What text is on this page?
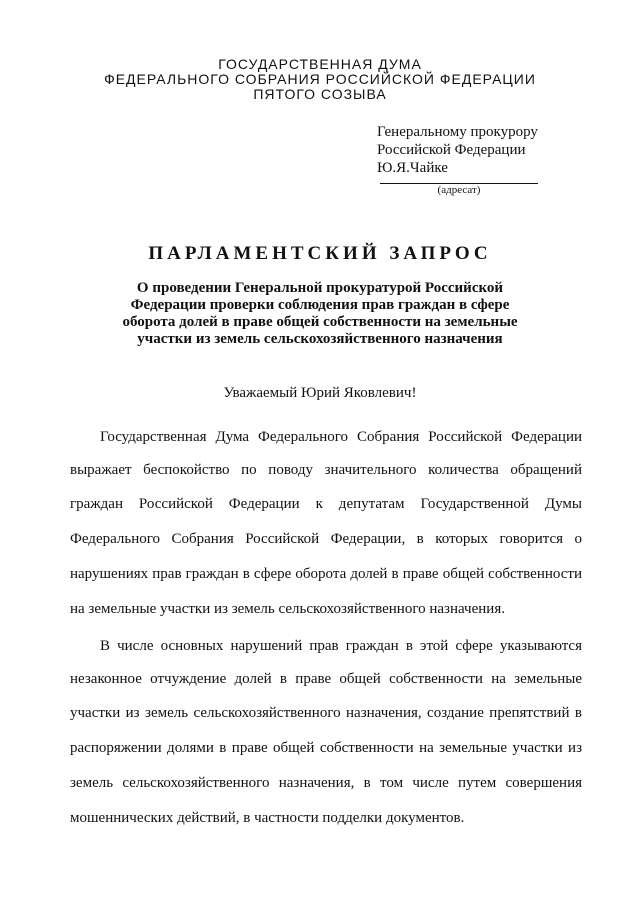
ГОСУДАРСТВЕННАЯ ДУМА
ФЕДЕРАЛЬНОГО СОБРАНИЯ РОССИЙСКОЙ ФЕДЕРАЦИИ
ПЯТОГО СОЗЫВА
Генеральному прокурору
Российской Федерации
Ю.Я.Чайке
(адресат)
ПАРЛАМЕНТСКИЙ ЗАПРОС
О проведении Генеральной прокуратурой Российской
Федерации проверки соблюдения прав граждан в сфере
оборота долей в праве общей собственности на земельные
участки из земель сельскохозяйственного назначения
Уважаемый Юрий Яковлевич!
Государственная Дума Федерального Собрания Российской Федерации
выражает беспокойство по поводу значительного количества обращений
граждан Российской Федерации к депутатам Государственной Думы
Федерального Собрания Российской Федерации, в которых говорится о
нарушениях прав граждан в сфере оборота долей в праве общей собственности
на земельные участки из земель сельскохозяйственного назначения.
В числе основных нарушений прав граждан в этой сфере указываются
незаконное отчуждение долей в праве общей собственности на земельные
участки из земель сельскохозяйственного назначения, создание препятствий в
распоряжении долями в праве общей собственности на земельные участки из
земель сельскохозяйственного назначения, в том числе путем совершения
мошеннических действий, в частности подделки документов.
